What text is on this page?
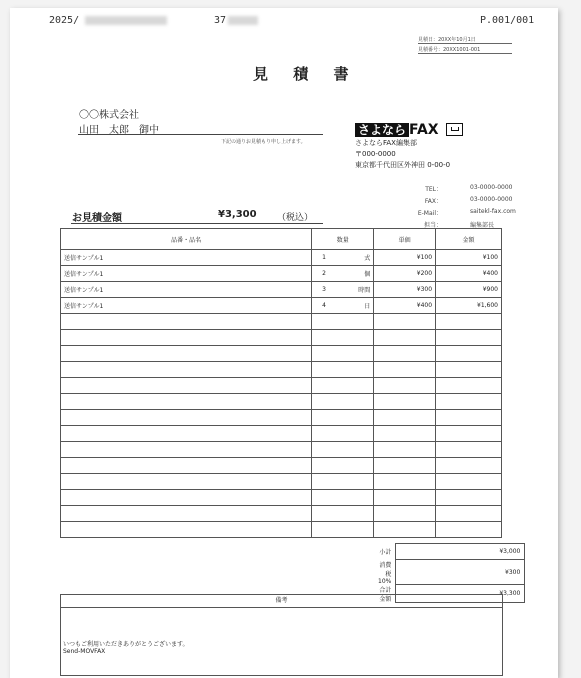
2025/	37	P.001/001
見積日：20XX年10月1日
見積番号：20XX1001-001
見 積 書
〇〇株式会社
山田　太郎　御中
下記の通りお見積もり申し上げます。
さよなら FAX
さよならFAX編集部
〒000-0000
東京都千代田区外神田 0-00-0
TEL：	03-0000-0000
FAX：	03-0000-0000
E-Mail：	saitekl-fax.com
担当：	編集部長
お見積金額	¥3,300 （税込）
品番・品名	数量		単価	金額
送信サンプル1	1	式	¥100	¥100
送信サンプル1	2	個	¥200	¥400
送信サンプル1	3	時間	¥300	¥900
送信サンプル1	4	日	¥400	¥1,600

小計	¥3,000
消費税 10%	¥300
合計金額	¥3,300
備考
いつもご利用いただきありがとうございます。
Send-MOVFAX
